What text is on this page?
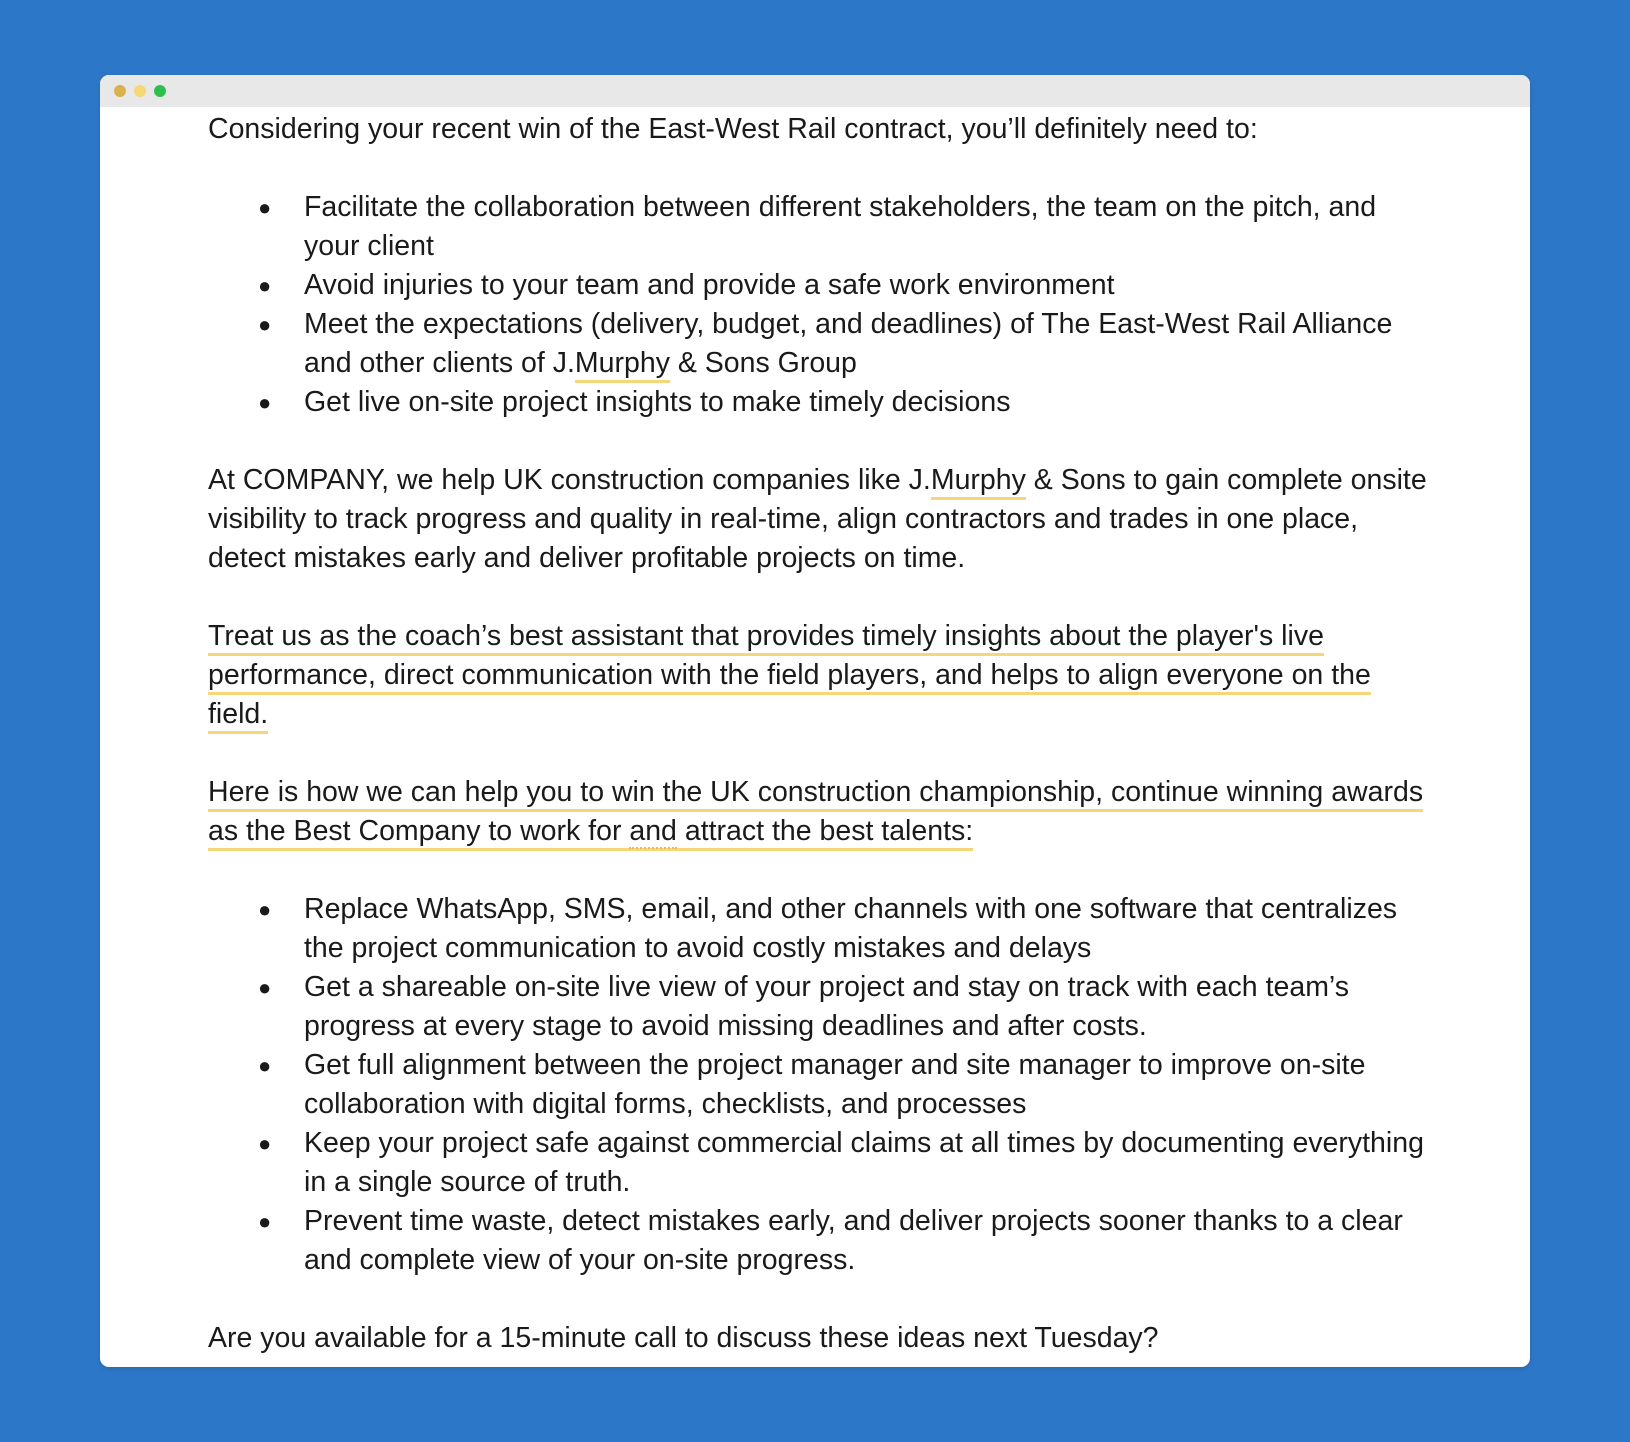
Considering your recent win of the East-West Rail contract, you’ll definitely need to:

● Facilitate the collaboration between different stakeholders, the team on the pitch, and your client
● Avoid injuries to your team and provide a safe work environment
● Meet the expectations (delivery, budget, and deadlines) of The East-West Rail Alliance and other clients of J.Murphy & Sons Group
● Get live on-site project insights to make timely decisions

At COMPANY, we help UK construction companies like J.Murphy & Sons to gain complete onsite visibility to track progress and quality in real-time, align contractors and trades in one place, detect mistakes early and deliver profitable projects on time.

Treat us as the coach’s best assistant that provides timely insights about the player's live performance, direct communication with the field players, and helps to align everyone on the field.

Here is how we can help you to win the UK construction championship, continue winning awards as the Best Company to work for and attract the best talents:

● Replace WhatsApp, SMS, email, and other channels with one software that centralizes the project communication to avoid costly mistakes and delays
● Get a shareable on-site live view of your project and stay on track with each team’s progress at every stage to avoid missing deadlines and after costs.
● Get full alignment between the project manager and site manager to improve on-site collaboration with digital forms, checklists, and processes
● Keep your project safe against commercial claims at all times by documenting everything in a single source of truth.
● Prevent time waste, detect mistakes early, and deliver projects sooner thanks to a clear and complete view of your on-site progress.

Are you available for a 15-minute call to discuss these ideas next Tuesday?
